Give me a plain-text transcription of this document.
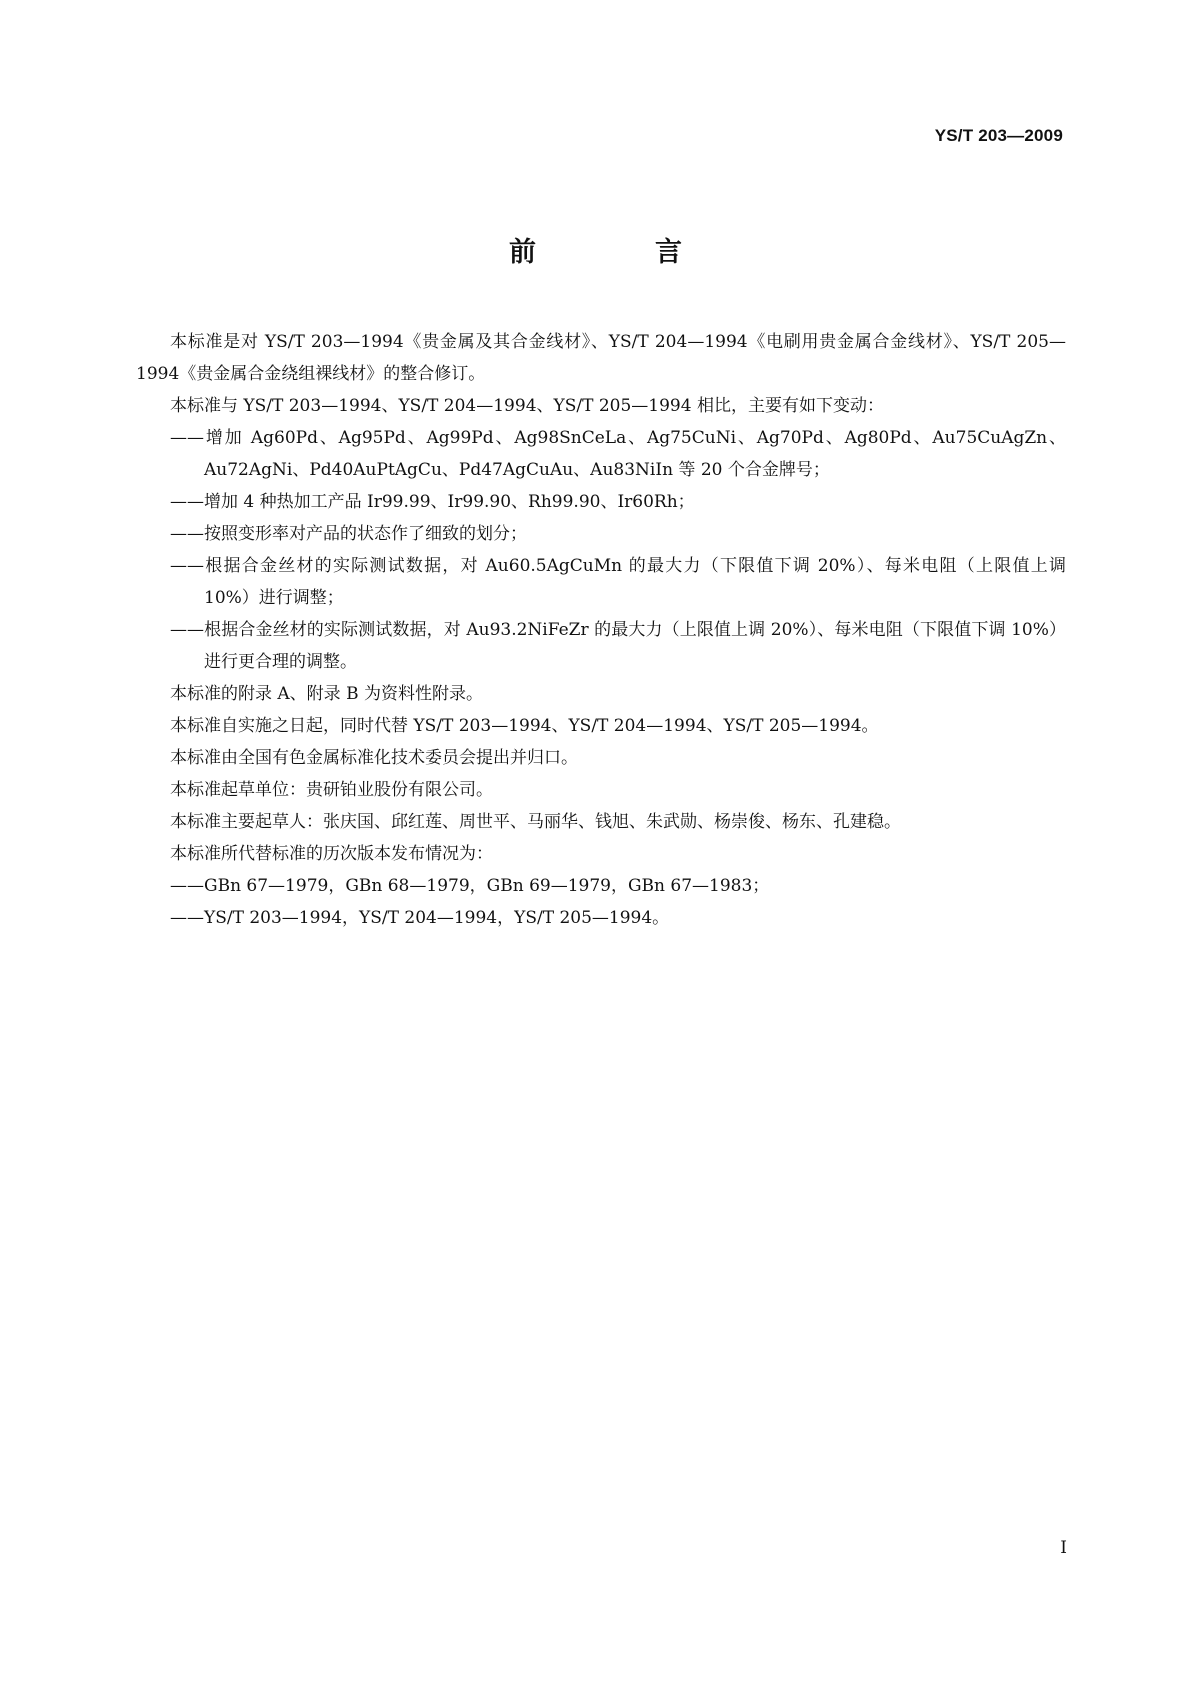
YS/T 203—2009
前　言

本标准是对 YS/T 203—1994《贵金属及其合金线材》、YS/T 204—1994《电刷用贵金属合金线材》、YS/T 205—1994《贵金属合金绕组裸线材》的整合修订。

本标准与 YS/T 203—1994、YS/T 204—1994、YS/T 205—1994 相比，主要有如下变动：

——增加 Ag60Pd、Ag95Pd、Ag99Pd、Ag98SnCeLa、Ag75CuNi、Ag70Pd、Ag80Pd、Au75CuAgZn、Au72AgNi、Pd40AuPtAgCu、Pd47AgCuAu、Au83NiIn 等 20 个合金牌号；

——增加 4 种热加工产品 Ir99.99、Ir99.90、Rh99.90、Ir60Rh；

——按照变形率对产品的状态作了细致的划分；

——根据合金丝材的实际测试数据，对 Au60.5AgCuMn 的最大力（下限值下调 20%）、每米电阻（上限值上调 10%）进行调整；

——根据合金丝材的实际测试数据，对 Au93.2NiFeZr 的最大力（上限值上调 20%）、每米电阻（下限值下调 10%）进行更合理的调整。

本标准的附录 A、附录 B 为资料性附录。

本标准自实施之日起，同时代替 YS/T 203—1994、YS/T 204—1994、YS/T 205—1994。

本标准由全国有色金属标准化技术委员会提出并归口。

本标准起草单位：贵研铂业股份有限公司。

本标准主要起草人：张庆国、邱红莲、周世平、马丽华、钱旭、朱武勋、杨崇俊、杨东、孔建稳。

本标准所代替标准的历次版本发布情况为：

——GBn 67—1979，GBn 68—1979，GBn 69—1979，GBn 67—1983；

——YS/T 203—1994，YS/T 204—1994，YS/T 205—1994。

I
